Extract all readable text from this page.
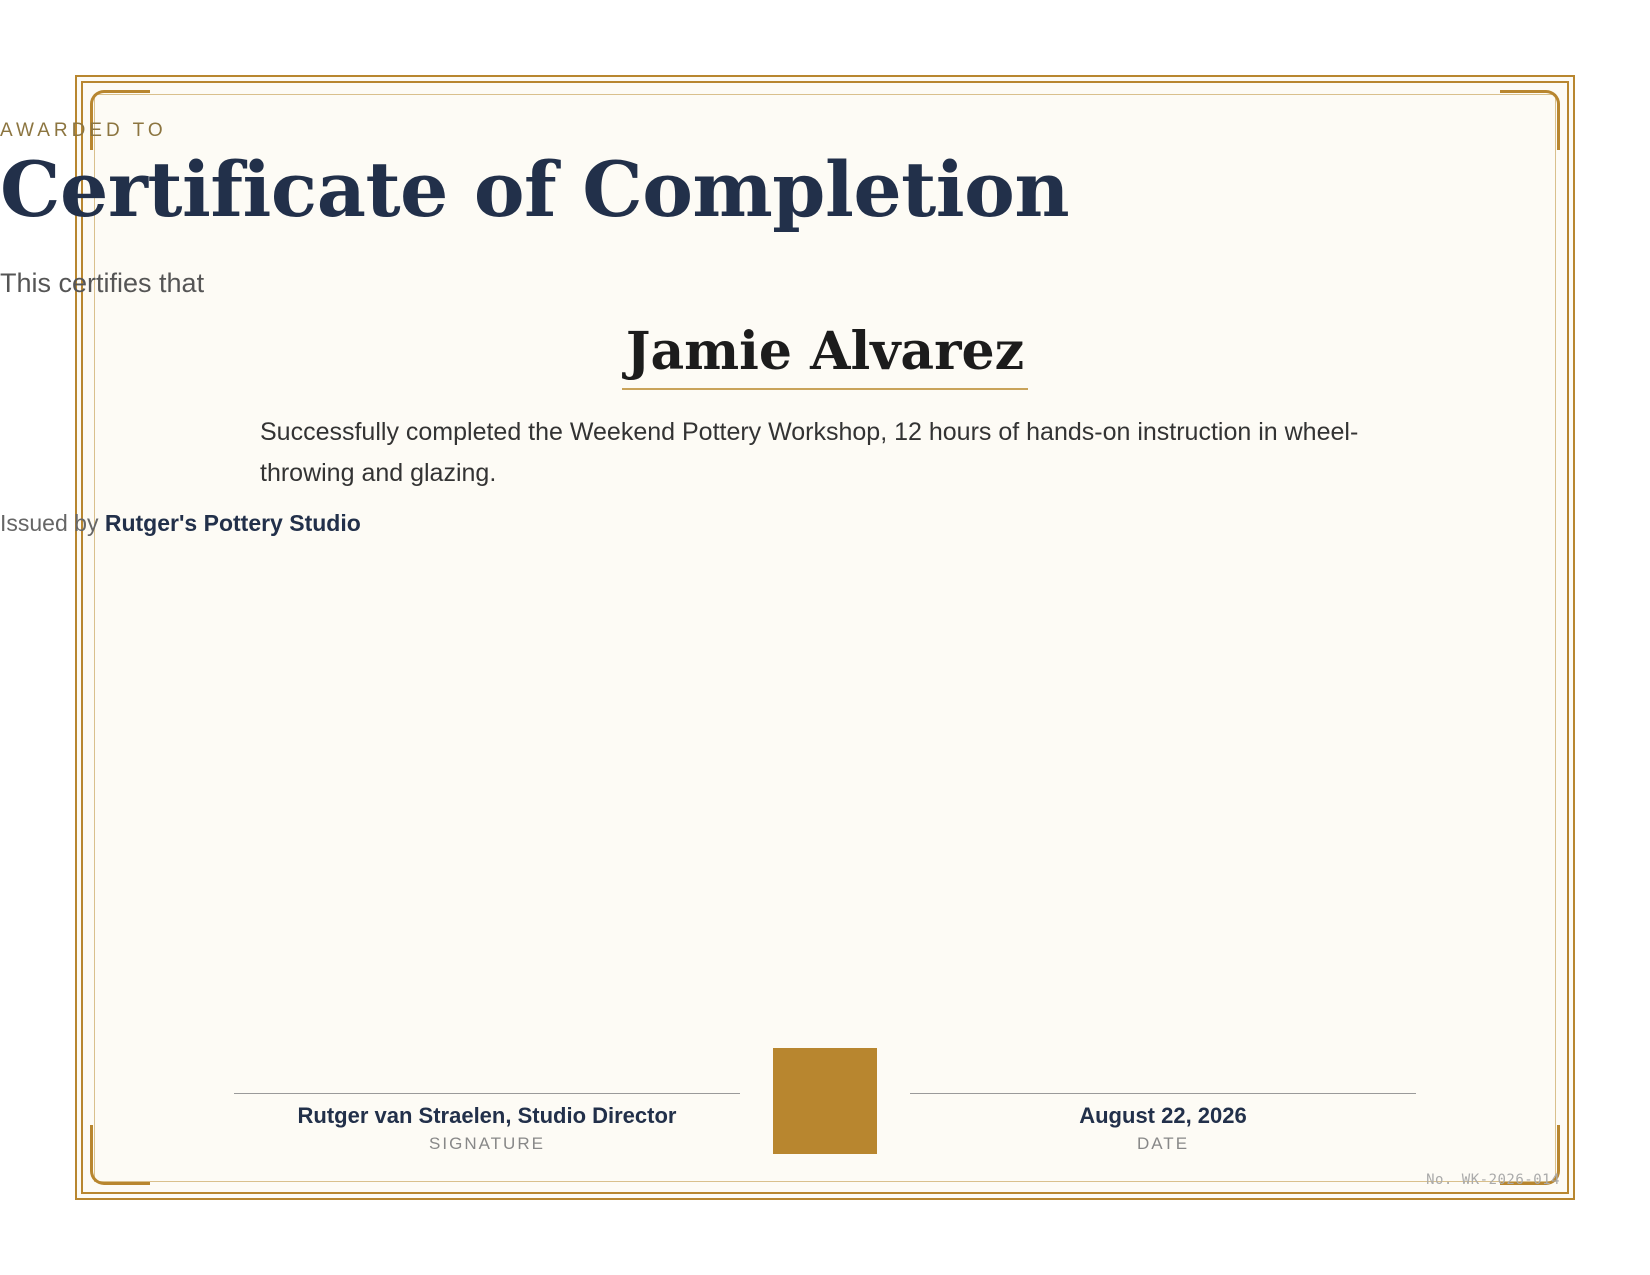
AWARDED TO
Certificate of Completion
This certifies that
Jamie Alvarez
Successfully completed the Weekend Pottery Workshop, 12 hours of hands-on instruction in wheel-throwing and glazing.
Issued by Rutger's Pottery Studio
Rutger van Straelen, Studio Director
SIGNATURE
August 22, 2026
DATE
No. WK-2026-014
